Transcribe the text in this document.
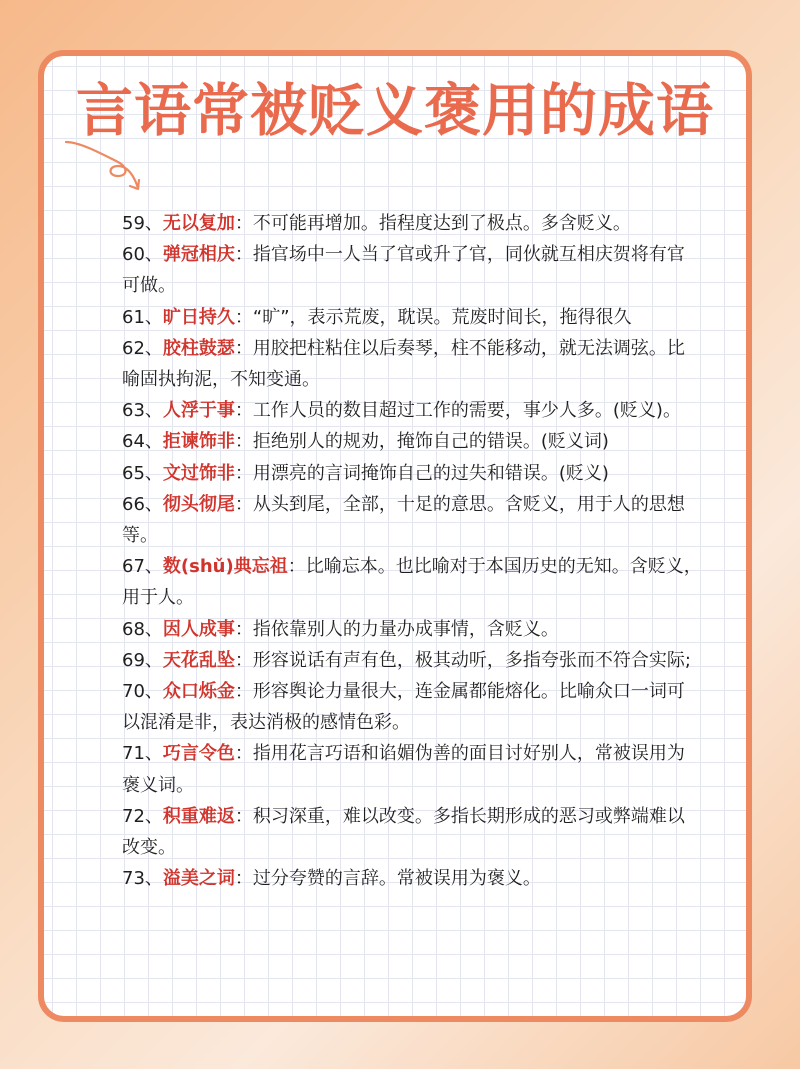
言语常被贬义褒用的成语

59、无以复加：不可能再增加。指程度达到了极点。多含贬义。

60、弹冠相庆：指官场中一人当了官或升了官，同伙就互相庆贺将有官可做。

61、旷日持久：“旷”，表示荒废，耽误。荒废时间长，拖得很久

62、胶柱鼓瑟：用胶把柱粘住以后奏琴，柱不能移动，就无法调弦。比喻固执拘泥，不知变通。

63、人浮于事：工作人员的数目超过工作的需要，事少人多。(贬义)。

64、拒谏饰非：拒绝别人的规劝，掩饰自己的错误。(贬义词)

65、文过饰非：用漂亮的言词掩饰自己的过失和错误。(贬义)

66、彻头彻尾：从头到尾，全部，十足的意思。含贬义，用于人的思想等。

67、数(shǔ)典忘祖：比喻忘本。也比喻对于本国历史的无知。含贬义，用于人。

68、因人成事：指依靠别人的力量办成事情，含贬义。

69、天花乱坠：形容说话有声有色，极其动听，多指夸张而不符合实际;

70、众口烁金：形容舆论力量很大，连金属都能熔化。比喻众口一词可以混淆是非，表达消极的感情色彩。

71、巧言令色：指用花言巧语和谄媚伪善的面目讨好别人，常被误用为褒义词。

72、积重难返：积习深重，难以改变。多指长期形成的恶习或弊端难以改变。

73、溢美之词：过分夸赞的言辞。常被误用为褒义。
